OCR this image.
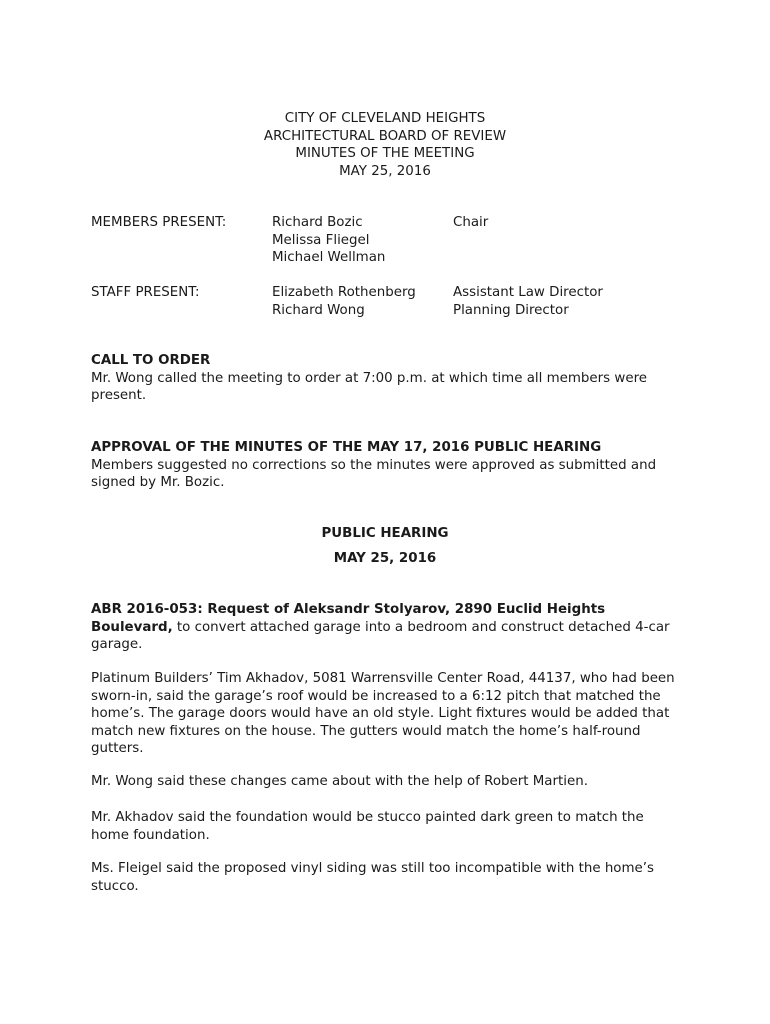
CITY OF CLEVELAND HEIGHTS
ARCHITECTURAL BOARD OF REVIEW
MINUTES OF THE MEETING
MAY 25, 2016
MEMBERS PRESENT:	Richard Bozic
Melissa Fliegel
Michael Wellman
Chair
STAFF PRESENT:	Elizabeth Rothenberg
Richard Wong
Assistant Law Director
Planning Director

CALL TO ORDER

Mr. Wong called the meeting to order at 7:00 p.m. at which time all members were present.

APPROVAL OF THE MINUTES OF THE MAY 17, 2016 PUBLIC HEARING

Members suggested no corrections so the minutes were approved as submitted and signed by Mr. Bozic.

PUBLIC HEARING
MAY 25, 2016

ABR 2016-053: Request of Aleksandr Stolyarov, 2890 Euclid Heights Boulevard, to convert attached garage into a bedroom and construct detached 4-car garage.

Platinum Builders’ Tim Akhadov, 5081 Warrensville Center Road, 44137, who had been sworn-in, said the garage’s roof would be increased to a 6:12 pitch that matched the home’s. The garage doors would have an old style. Light fixtures would be added that match new fixtures on the house. The gutters would match the home’s half-round gutters.
Mr. Wong said these changes came about with the help of Robert Martien.
Mr. Akhadov said the foundation would be stucco painted dark green to match the home foundation.
Ms. Fleigel said the proposed vinyl siding was still too incompatible with the home’s stucco.
